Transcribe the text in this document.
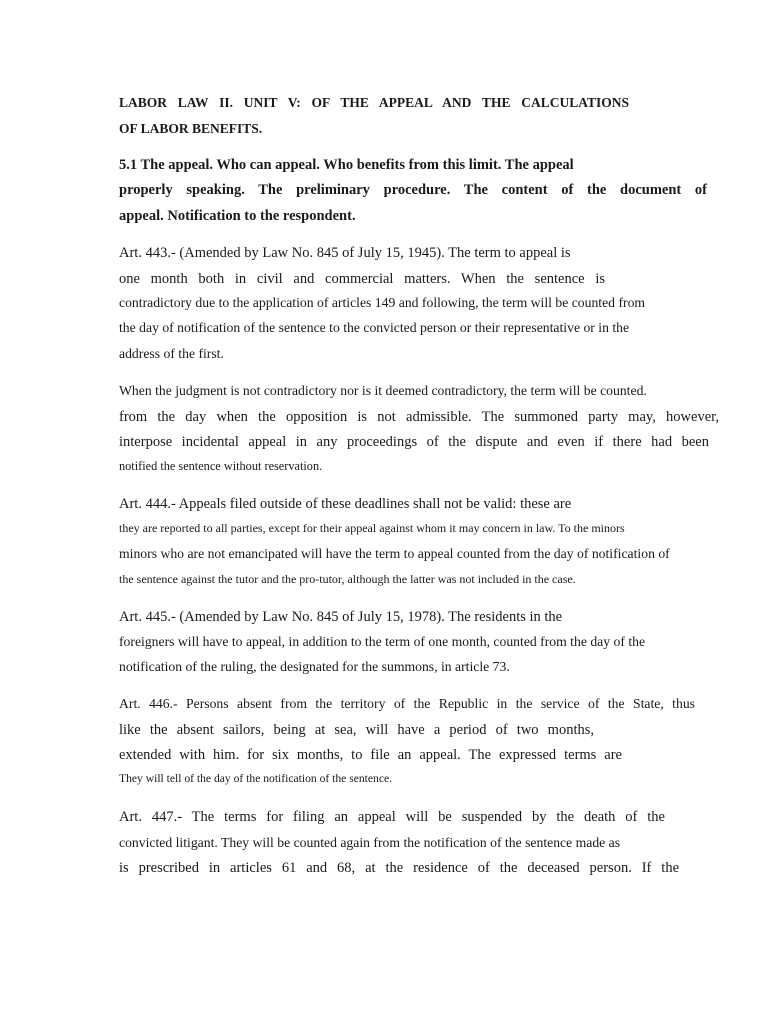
LABOR LAW II. UNIT V: OF THE APPEAL AND THE CALCULATIONS
OF LABOR BENEFITS.
5.1 The appeal. Who can appeal. Who benefits from this limit. The appeal
properly speaking. The preliminary procedure. The content of the document of
appeal. Notification to the respondent.
Art. 443.- (Amended by Law No. 845 of July 15, 1945). The term to appeal is
one month both in civil and commercial matters. When the sentence is
contradictory due to the application of articles 149 and following, the term will be counted from
the day of notification of the sentence to the convicted person or their representative or in the
address of the first.
When the judgment is not contradictory nor is it deemed contradictory, the term will be counted.
from the day when the opposition is not admissible. The summoned party may, however,
interpose incidental appeal in any proceedings of the dispute and even if there had been
notified the sentence without reservation.
Art. 444.- Appeals filed outside of these deadlines shall not be valid: these are
they are reported to all parties, except for their appeal against whom it may concern in law. To the minors
minors who are not emancipated will have the term to appeal counted from the day of notification of
the sentence against the tutor and the pro-tutor, although the latter was not included in the case.
Art. 445.- (Amended by Law No. 845 of July 15, 1978). The residents in the
foreigners will have to appeal, in addition to the term of one month, counted from the day of the
notification of the ruling, the designated for the summons, in article 73.
Art. 446.- Persons absent from the territory of the Republic in the service of the State, thus
like the absent sailors, being at sea, will have a period of two months,
extended with him. for six months, to file an appeal. The expressed terms are
They will tell of the day of the notification of the sentence.
Art. 447.- The terms for filing an appeal will be suspended by the death of the
convicted litigant. They will be counted again from the notification of the sentence made as
is prescribed in articles 61 and 68, at the residence of the deceased person. If the
